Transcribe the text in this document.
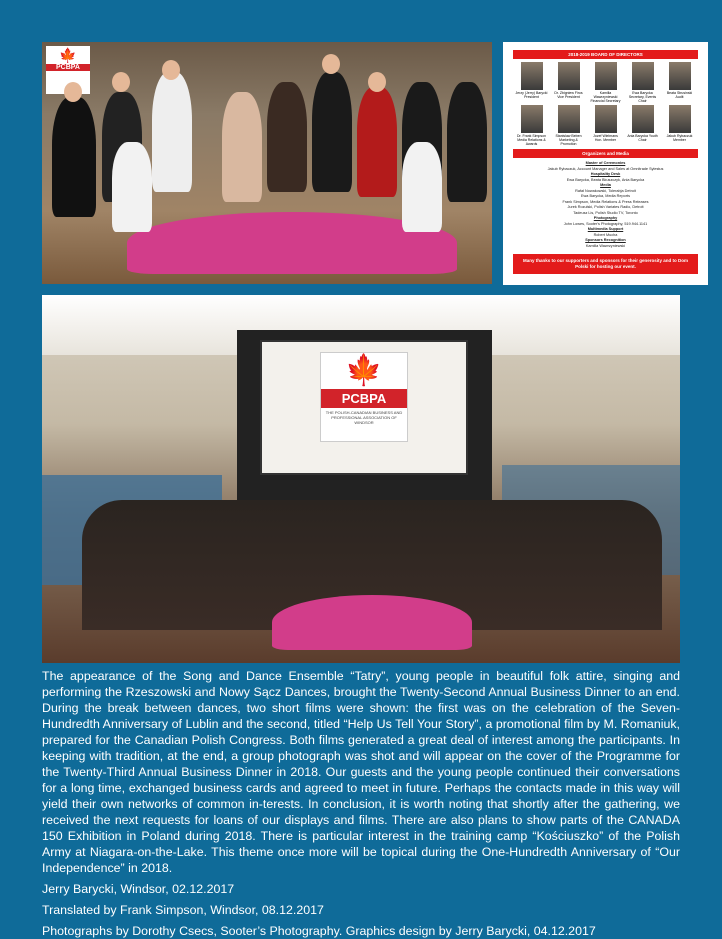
🍁
PCBPA
2018-2019 BOARD OF DIRECTORS
Jerzy (Jerry) Barycki President
Dr. Zbigniew Firos Vice President
Kamilla Wawrzyniewski Financial Secretary
Ewa Barycka Secretary, Events Chair
Beata Strusinski Audit
Dr. Frank Simpson Media Relations & Awards
Stanislaw Beben Marketing & Promotion
Jozef Wielmans Hon. Member
Ania Barycka Youth Chair
Jakub Rybaczuk Member
Organizers and Media
Master of Ceremonies
Jakub Rybaczuk, Account Manager and Sales at Omnitrade Sylestus
Hospitality Desk
Ewa Barycka, Beata Bkuszczyk, Ania Barycka
Media
Rafał Nowakowski, Tolerabja Detroit
Ewa Barycka, Media Reports
Frank Simpson, Media Relations & Press Releases
Jurek Rozulski, Polish Variates Radio, Detroit
Tadeusz Lis, Polish Studio TV, Toronto
Photography
John Lowes, Sooter's Photography, 519.944.1141
Multimedia Support
Robert Mucha
Sponsors Recognition
Kamilla Wawrzyniewski
Many thanks to our supporters and sponsors for their generosity and to Dom Polski for hosting our event.
🍁
PCBPA
THE POLISH-CANADIAN BUSINESS AND PROFESSIONAL ASSOCIATION OF WINDSOR

The appearance of the Song and Dance Ensemble “Tatry”, young people in beautiful folk attire, singing and performing the Rzeszowski and Nowy Sącz Dances, brought the Twenty-Second Annual Business Dinner to an end. During the break between dances, two short films were shown: the first was on the celebration of the Seven-Hundredth Anniversary of Lublin and the second, titled “Help Us Tell Your Story”, a promotional film by M. Romaniuk, prepared for the Canadian Polish Congress. Both films generated a great deal of interest among the participants. In keeping with tradition, at the end, a group photograph was shot and will appear on the cover of the Programme for the Twenty-Third Annual Business Dinner in 2018. Our guests and the young people continued their conversations for a long time, exchanged business cards and agreed to meet in future. Perhaps the contacts made in this way will yield their own networks of common in-terests. In conclusion, it is worth noting that shortly after the gathering, we received the next requests for loans of our displays and films. There are also plans to show parts of the CANADA 150 Exhibition in Poland during 2018. There is particular interest in the training camp “Kościuszko” of the Polish Army at Niagara-on-the-Lake. This theme once more will be topical during the One-Hundredth Anniversary of “Our Independence” in 2018.

Jerry Barycki, Windsor, 02.12.2017

Translated by Frank Simpson, Windsor, 08.12.2017

Photographs by Dorothy Csecs, Sooter’s Photography. Graphics design by Jerry Barycki, 04.12.2017
